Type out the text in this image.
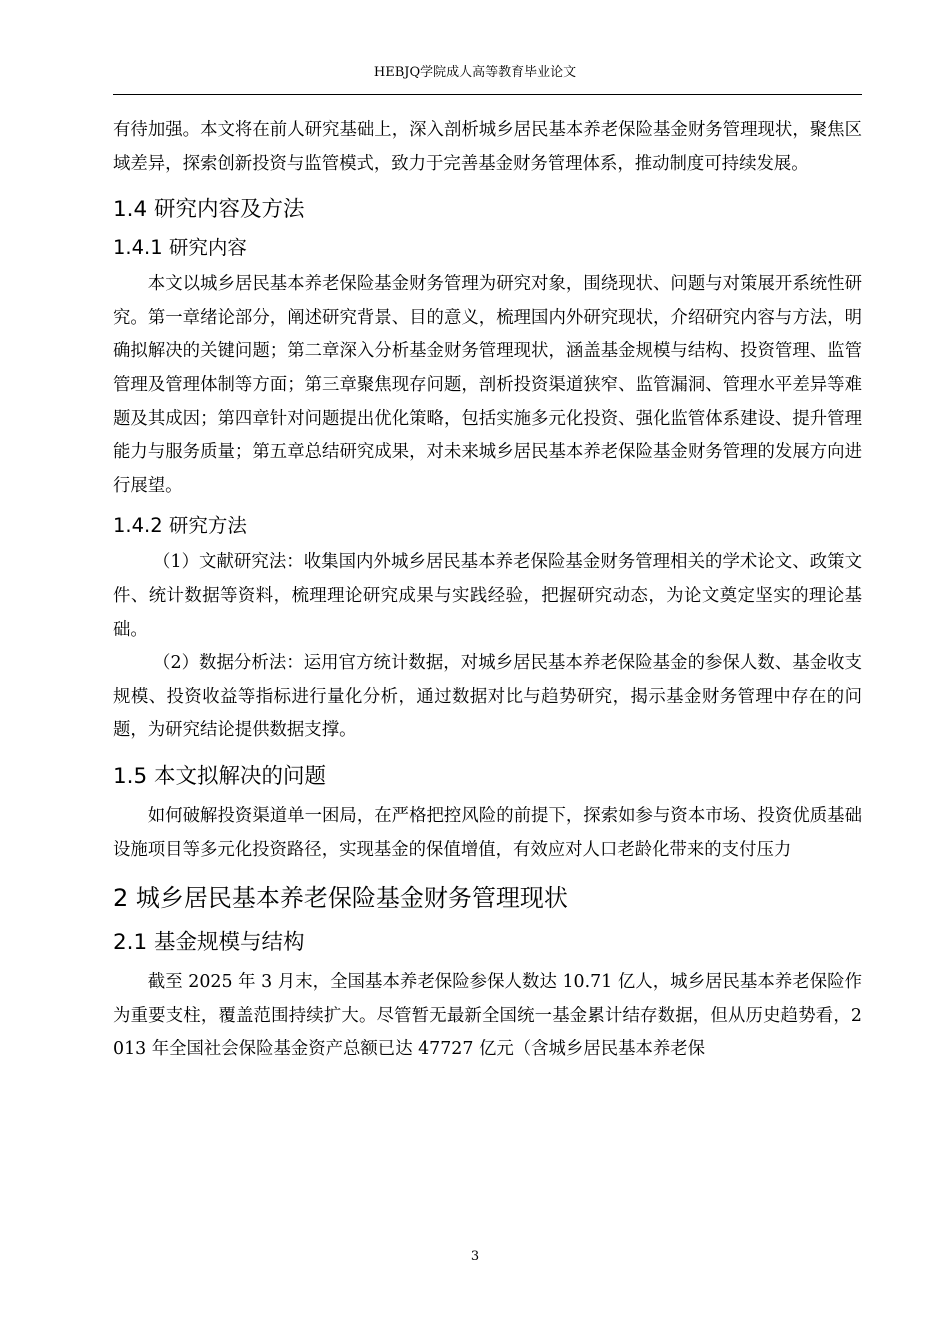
HEBJQ学院成人高等教育毕业论文

有待加强。本文将在前人研究基础上，深入剖析城乡居民基本养老保险基金财务管理现状，聚焦区域差异，探索创新投资与监管模式，致力于完善基金财务管理体系，推动制度可持续发展。

1.4 研究内容及方法
1.4.1 研究内容

本文以城乡居民基本养老保险基金财务管理为研究对象，围绕现状、问题与对策展开系统性研究。第一章绪论部分，阐述研究背景、目的意义，梳理国内外研究现状，介绍研究内容与方法，明确拟解决的关键问题；第二章深入分析基金财务管理现状，涵盖基金规模与结构、投资管理、监管管理及管理体制等方面；第三章聚焦现存问题，剖析投资渠道狭窄、监管漏洞、管理水平差异等难题及其成因；第四章针对问题提出优化策略，包括实施多元化投资、强化监管体系建设、提升管理能力与服务质量；第五章总结研究成果，对未来城乡居民基本养老保险基金财务管理的发展方向进行展望。

1.4.2 研究方法

（1）文献研究法：收集国内外城乡居民基本养老保险基金财务管理相关的学术论文、政策文件、统计数据等资料，梳理理论研究成果与实践经验，把握研究动态，为论文奠定坚实的理论基础。

（2）数据分析法：运用官方统计数据，对城乡居民基本养老保险基金的参保人数、基金收支规模、投资收益等指标进行量化分析，通过数据对比与趋势研究，揭示基金财务管理中存在的问题，为研究结论提供数据支撑。

1.5 本文拟解决的问题

如何破解投资渠道单一困局，在严格把控风险的前提下，探索如参与资本市场、投资优质基础设施项目等多元化投资路径，实现基金的保值增值，有效应对人口老龄化带来的支付压力

2 城乡居民基本养老保险基金财务管理现状
2.1 基金规模与结构

截至 2025 年 3 月末，全国基本养老保险参保人数达 10.71 亿人，城乡居民基本养老保险作为重要支柱，覆盖范围持续扩大。尽管暂无最新全国统一基金累计结存数据，但从历史趋势看，2013 年全国社会保险基金资产总额已达 47727 亿元（含城乡居民基本养老保

3
